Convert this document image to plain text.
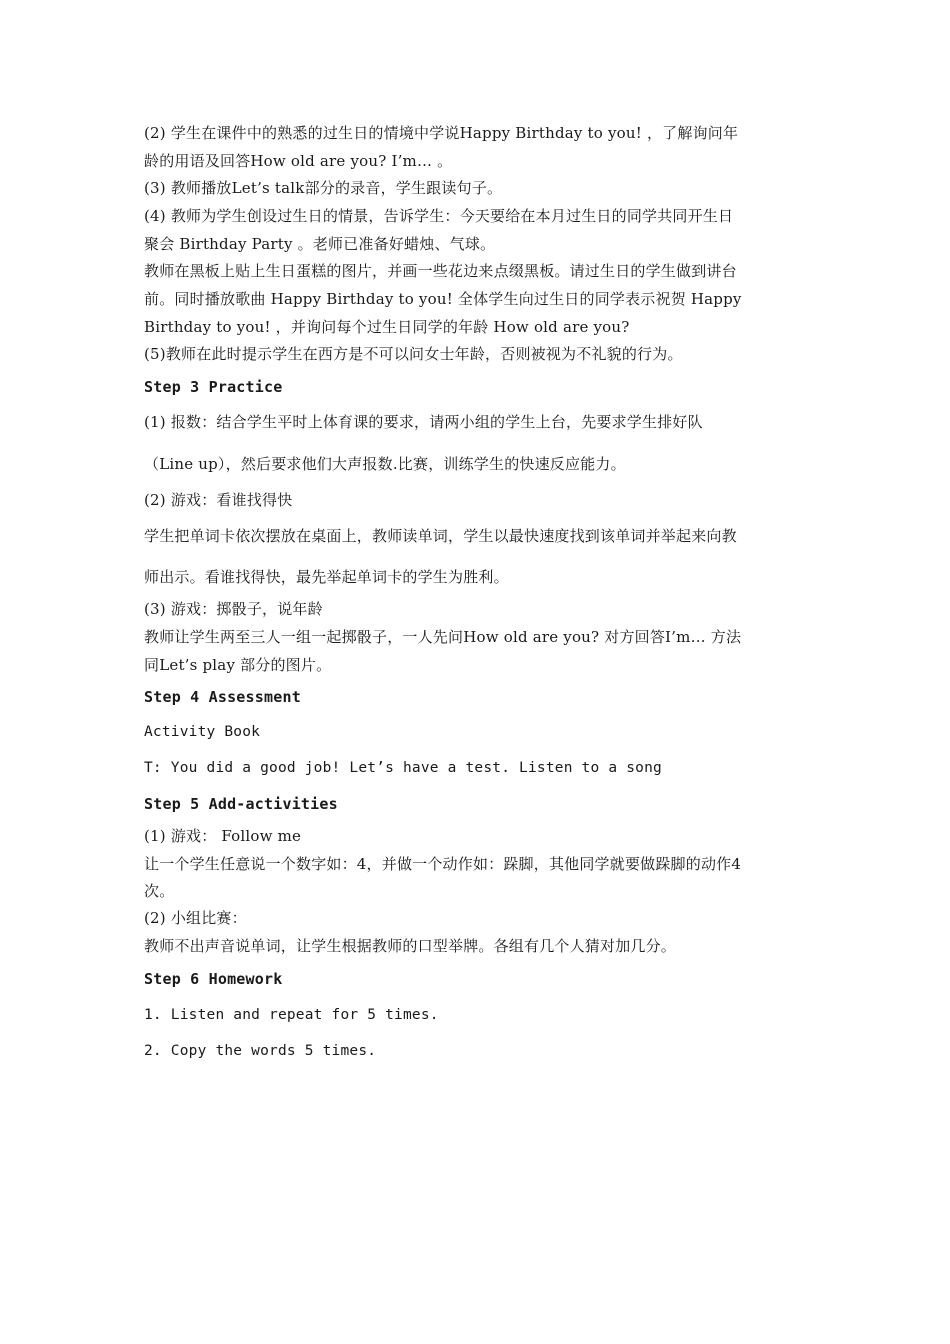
(2) 学生在课件中的熟悉的过生日的情境中学说Happy Birthday to you! ，了解询问年
龄的用语及回答How old are you? I’m… 。
(3) 教师播放Let’s talk部分的录音，学生跟读句子。
(4) 教师为学生创设过生日的情景，告诉学生：今天要给在本月过生日的同学共同开生日
聚会 Birthday Party 。老师已准备好蜡烛、气球。
教师在黑板上贴上生日蛋糕的图片，并画一些花边来点缀黑板。请过生日的学生做到讲台
前。同时播放歌曲 Happy Birthday to you! 全体学生向过生日的同学表示祝贺 Happy
Birthday to you! ，并询问每个过生日同学的年龄 How old are you?
(5)教师在此时提示学生在西方是不可以问女士年龄，否则被视为不礼貌的行为。
Step 3 Practice
(1) 报数：结合学生平时上体育课的要求，请两小组的学生上台，先要求学生排好队
（Line up），然后要求他们大声报数.比赛，训练学生的快速反应能力。
(2) 游戏：看谁找得快
学生把单词卡依次摆放在桌面上，教师读单词，学生以最快速度找到该单词并举起来向教
师出示。看谁找得快，最先举起单词卡的学生为胜利。
(3) 游戏：掷骰子，说年龄
教师让学生两至三人一组一起掷骰子，一人先问How old are you? 对方回答I’m… 方法
同Let’s play 部分的图片。
Step 4 Assessment
Activity Book
T: You did a good job! Let’s have a test. Listen to a song
Step 5 Add-activities
(1) 游戏： Follow me
让一个学生任意说一个数字如：4，并做一个动作如：跺脚，其他同学就要做跺脚的动作4
次。
(2) 小组比赛：
教师不出声音说单词，让学生根据教师的口型举牌。各组有几个人猜对加几分。
Step 6 Homework
1. Listen and repeat for 5 times.
2. Copy the words 5 times.
